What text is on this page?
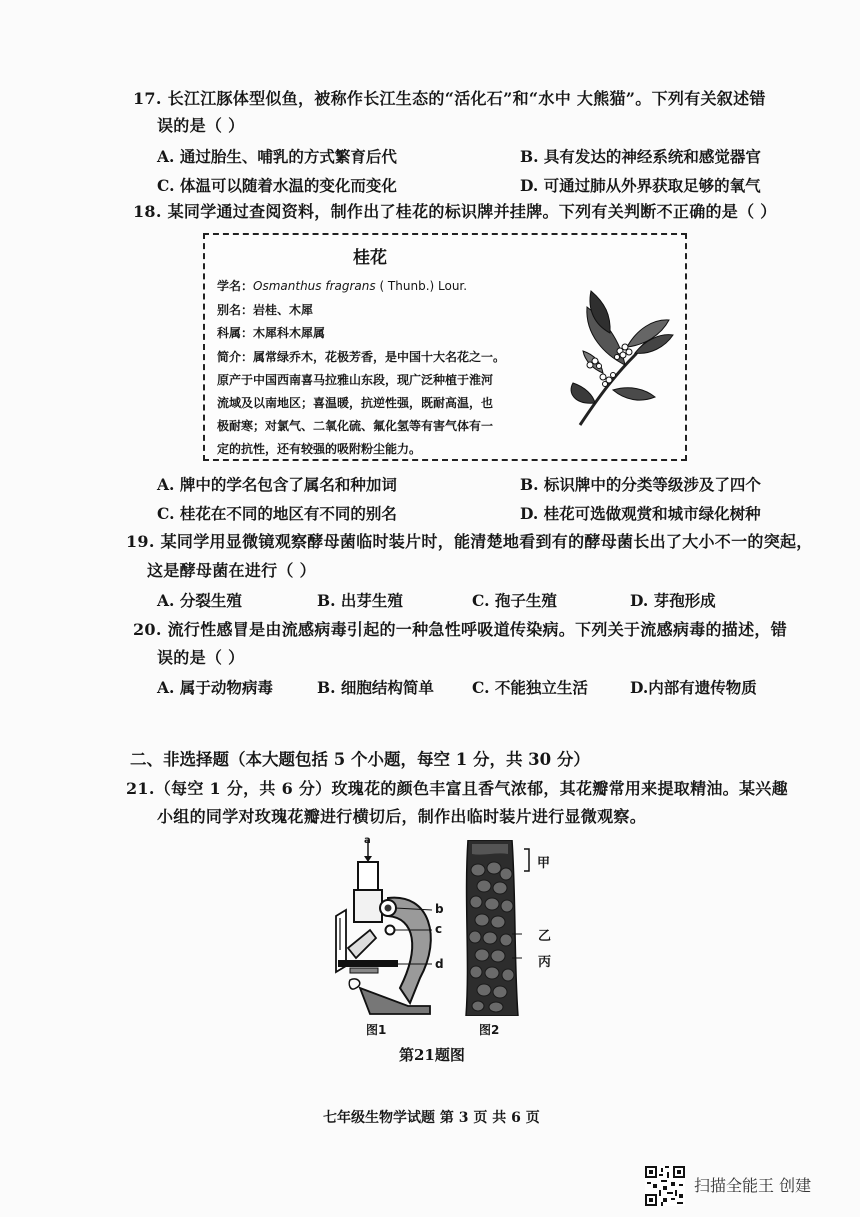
17. 长江江豚体型似鱼，被称作长江生态的“活化石”和“水中 大熊猫”。下列有关叙述错
误的是（ ）
A. 通过胎生、哺乳的方式繁育后代	B. 具有发达的神经系统和感觉器官
C. 体温可以随着水温的变化而变化	D. 可通过肺从外界获取足够的氧气
18. 某同学通过查阅资料，制作出了桂花的标识牌并挂牌。下列有关判断不正确的是（ ）
桂花
学名：Osmanthus fragrans ( Thunb.) Lour.
别名：岩桂、木犀
科属：木犀科木犀属
简介：属常绿乔木，花极芳香，是中国十大名花之一。
原产于中国西南喜马拉雅山东段，现广泛种植于淮河
流域及以南地区；喜温暖，抗逆性强，既耐高温，也
极耐寒；对氯气、二氧化硫、氟化氢等有害气体有一
定的抗性，还有较强的吸附粉尘能力。
A. 牌中的学名包含了属名和种加词	B. 标识牌中的分类等级涉及了四个
C. 桂花在不同的地区有不同的别名	D. 桂花可选做观赏和城市绿化树种
19. 某同学用显微镜观察酵母菌临时装片时，能清楚地看到有的酵母菌长出了大小不一的突起，
这是酵母菌在进行（ ）
A. 分裂生殖	B. 出芽生殖	C. 孢子生殖	D. 芽孢形成
20. 流行性感冒是由流感病毒引起的一种急性呼吸道传染病。下列关于流感病毒的描述，错
误的是（ ）
A. 属于动物病毒	B. 细胞结构简单 C. 不能独立生活	D.内部有遗传物质
二、非选择题（本大题包括 5 个小题，每空 1 分，共 30 分）
21.（每空 1 分，共 6 分）玫瑰花的颜色丰富且香气浓郁，其花瓣常用来提取精油。某兴趣
小组的同学对玫瑰花瓣进行横切后，制作出临时装片进行显微观察。
a
b
c
d
图1
甲
乙
丙
图2
第21题图
七年级生物学试题 第 3 页 共 6 页
扫描全能王 创建
